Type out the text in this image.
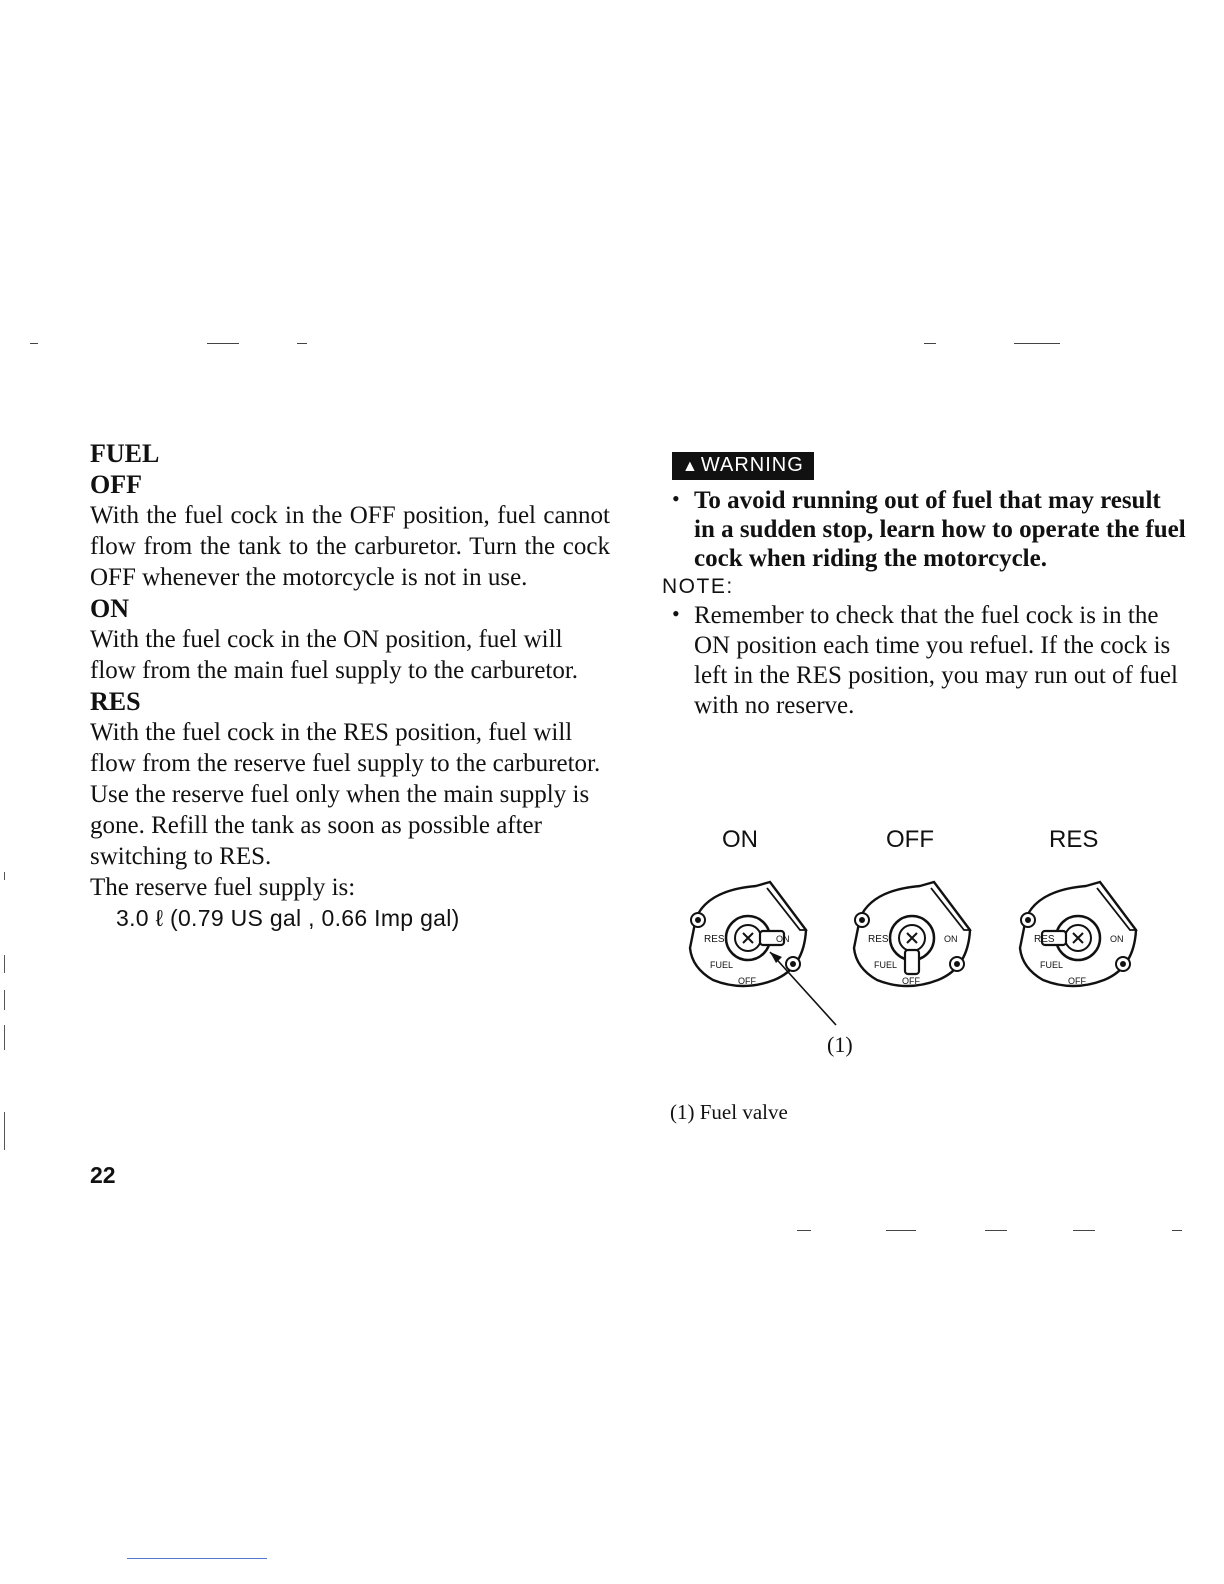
FUEL
OFF
With the fuel cock in the OFF position, fuel cannot flow from the tank to the carburetor. Turn the cock OFF whenever the motorcycle is not in use.
ON
With the fuel cock in the ON position, fuel will flow from the main fuel supply to the carburetor.
RES
With the fuel cock in the RES position, fuel will flow from the reserve fuel supply to the carburetor. Use the reserve fuel only when the main supply is gone. Refill the tank as soon as possible after switching to RES.
The reserve fuel supply is:
3.0 ℓ (0.79 US gal , 0.66 Imp gal)
▲ WARNING
• To avoid running out of fuel that may result in a sudden stop, learn how to operate the fuel cock when riding the motorcycle.
NOTE:
• Remember to check that the fuel cock is in the ON position each time you refuel. If the cock is left in the RES position, you may run out of fuel with no reserve.
ON	OFF	RES
RES
FUEL
OFF
ON	RES
FUEL
OFF
ON	RES
FUEL
OFF
ON
(1)
(1) Fuel valve
22
